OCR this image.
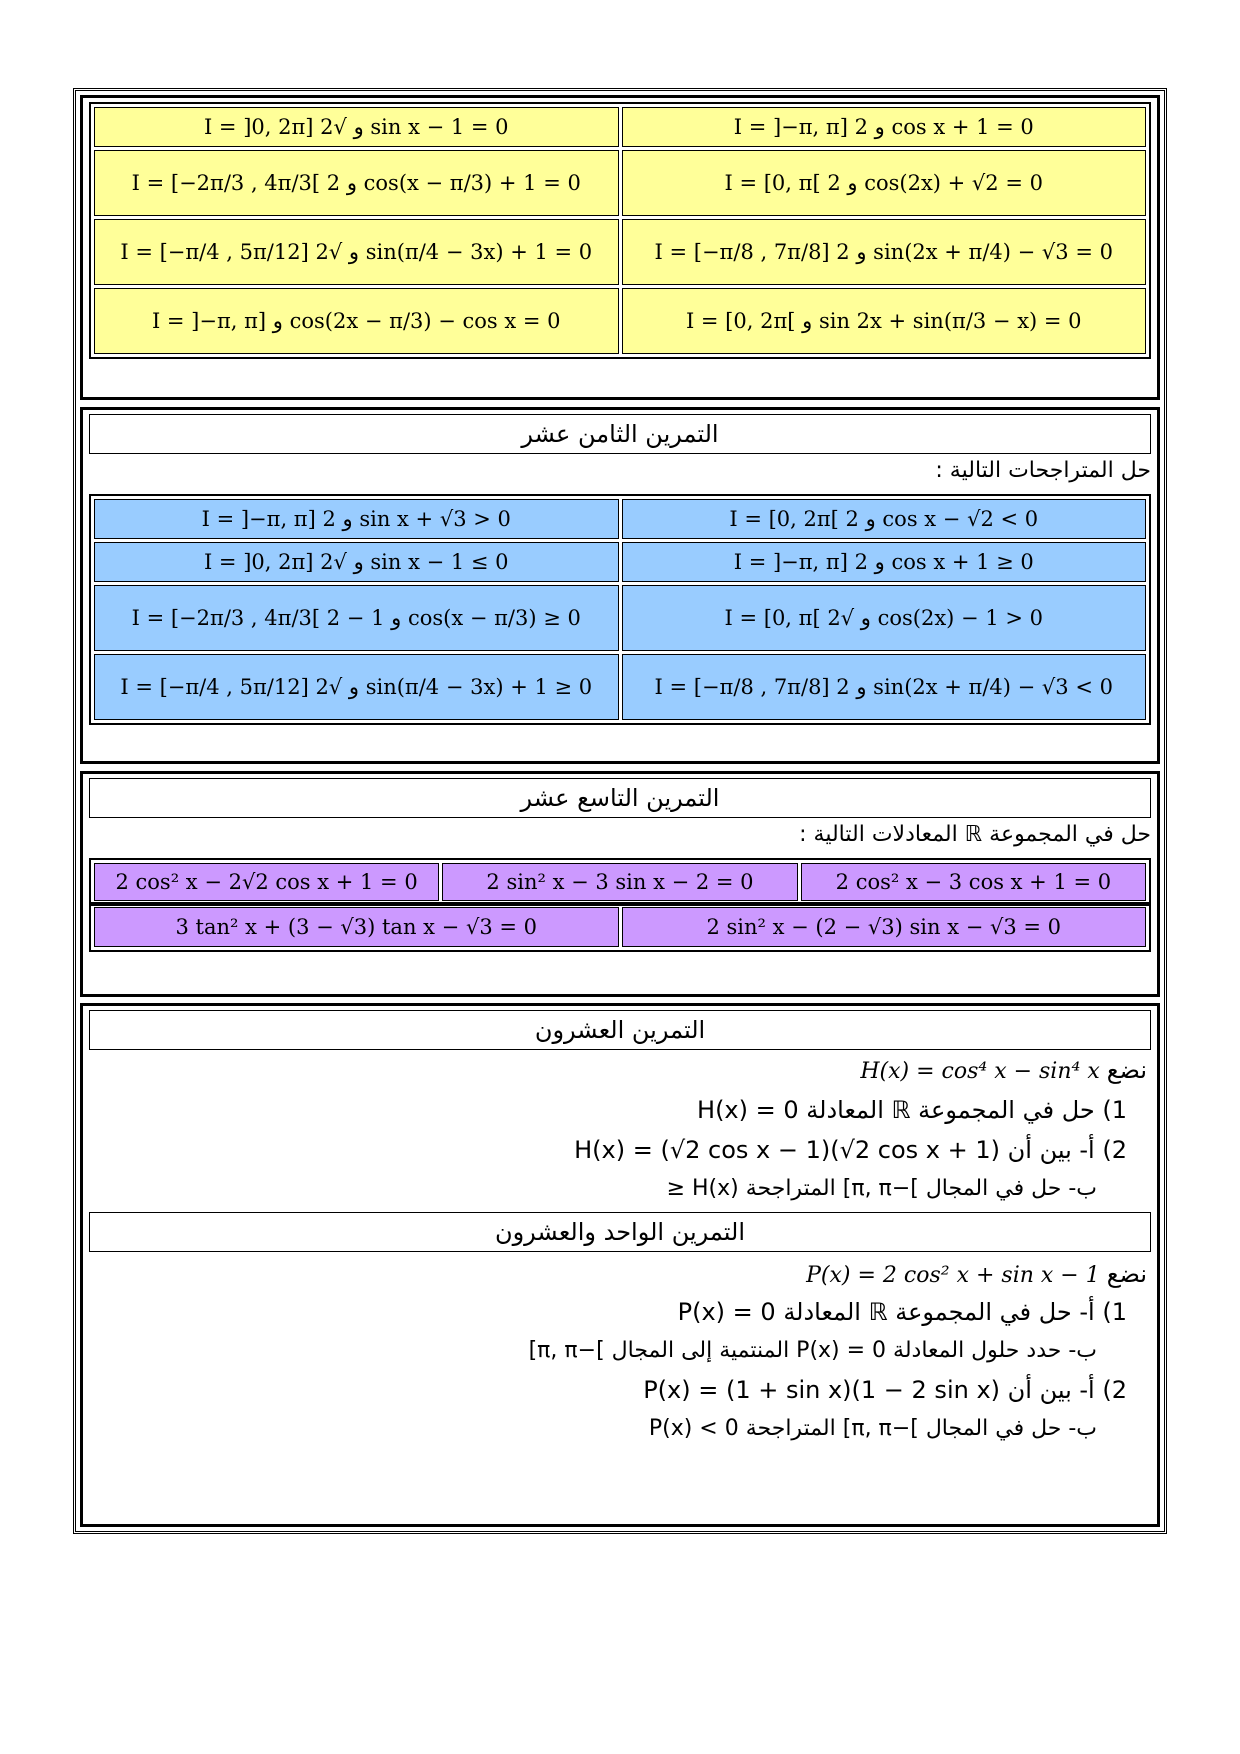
I = ]0, 2π] و √2 sin x − 1 = 0	I = ]−π, π] و 2 cos x + 1 = 0
I = [−2π/3 , 4π/3[ و 2 cos(x − π/3) + 1 = 0	I = [0, π[ و 2 cos(2x) + √2 = 0
I = [−π/4 , 5π/12] و √2 sin(π/4 − 3x) + 1 = 0	I = [−π/8 , 7π/8] و 2 sin(2x + π/4) − √3 = 0
I = ]−π, π] و cos(2x − π/3) − cos x = 0	I = [0, 2π[ و sin 2x + sin(π/3 − x) = 0
التمرين الثامن عشر
حل المتراجحات التالية :
I = ]−π, π] و 2 sin x + √3 > 0	I = [0, 2π[ و 2 cos x − √2 < 0
I = ]0, 2π] و √2 sin x − 1 ≤ 0	I = ]−π, π] و 2 cos x + 1 ≥ 0
I = [−2π/3 , 4π/3[ و 1 − 2 cos(x − π/3) ≥ 0	I = [0, π[ و √2 cos(2x) − 1 > 0
I = [−π/4 , 5π/12] و √2 sin(π/4 − 3x) + 1 ≥ 0	I = [−π/8 , 7π/8] و 2 sin(2x + π/4) − √3 < 0
التمرين التاسع عشر
حل في المجموعة ℝ المعادلات التالية :
2 cos² x − 2√2 cos x + 1 = 0	2 sin² x − 3 sin x − 2 = 0	2 cos² x − 3 cos x + 1 = 0
3 tan² x + (3 − √3) tan x − √3 = 0	2 sin² x − (2 − √3) sin x − √3 = 0
التمرين العشرون
H(x) = cos⁴ x − sin⁴ x نضع
1) حل في المجموعة ℝ المعادلة H(x) = 0
2) أ- بين أن H(x) = (√2 cos x − 1)(√2 cos x + 1)
ب- حل في المجال ]−π, π] المتراجحة H(x) ≤
التمرين الواحد والعشرون
P(x) = 2 cos² x + sin x − 1 نضع
1) أ- حل في المجموعة ℝ المعادلة P(x) = 0
ب- حدد حلول المعادلة P(x) = 0 المنتمية إلى المجال ]−π, π]
2) أ- بين أن P(x) = (1 + sin x)(1 − 2 sin x)
ب- حل في المجال ]−π, π] المتراجحة P(x) < 0
